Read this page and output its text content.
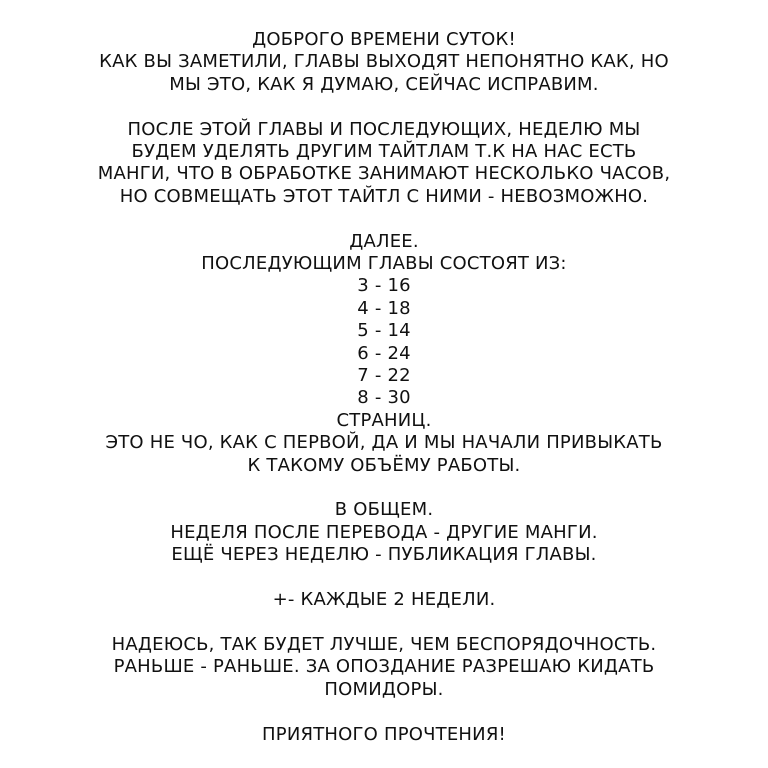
ДОБРОГО ВРЕМЕНИ СУТОК!
КАК ВЫ ЗАМЕТИЛИ, ГЛАВЫ ВЫХОДЯТ НЕПОНЯТНО КАК, НО
МЫ ЭТО, КАК Я ДУМАЮ, СЕЙЧАС ИСПРАВИМ.
ПОСЛЕ ЭТОЙ ГЛАВЫ И ПОСЛЕДУЮЩИХ, НЕДЕЛЮ МЫ
БУДЕМ УДЕЛЯТЬ ДРУГИМ ТАЙТЛАМ Т.К НА НАС ЕСТЬ
МАНГИ, ЧТО В ОБРАБОТКЕ ЗАНИМАЮТ НЕСКОЛЬКО ЧАСОВ,
НО СОВМЕЩАТЬ ЭТОТ ТАЙТЛ С НИМИ - НЕВОЗМОЖНО.
ДАЛЕЕ.
ПОСЛЕДУЮЩИМ ГЛАВЫ СОСТОЯТ ИЗ:
3 - 16
4 - 18
5 - 14
6 - 24
7 - 22
8 - 30
СТРАНИЦ.
ЭТО НЕ ЧО, КАК С ПЕРВОЙ, ДА И МЫ НАЧАЛИ ПРИВЫКАТЬ
К ТАКОМУ ОБЪЁМУ РАБОТЫ.
В ОБЩЕМ.
НЕДЕЛЯ ПОСЛЕ ПЕРЕВОДА - ДРУГИЕ МАНГИ.
ЕЩЁ ЧЕРЕЗ НЕДЕЛЮ - ПУБЛИКАЦИЯ ГЛАВЫ.
+- КАЖДЫЕ 2 НЕДЕЛИ.
НАДЕЮСЬ, ТАК БУДЕТ ЛУЧШЕ, ЧЕМ БЕСПОРЯДОЧНОСТЬ.
РАНЬШЕ - РАНЬШЕ. ЗА ОПОЗДАНИЕ РАЗРЕШАЮ КИДАТЬ
ПОМИДОРЫ.
ПРИЯТНОГО ПРОЧТЕНИЯ!
